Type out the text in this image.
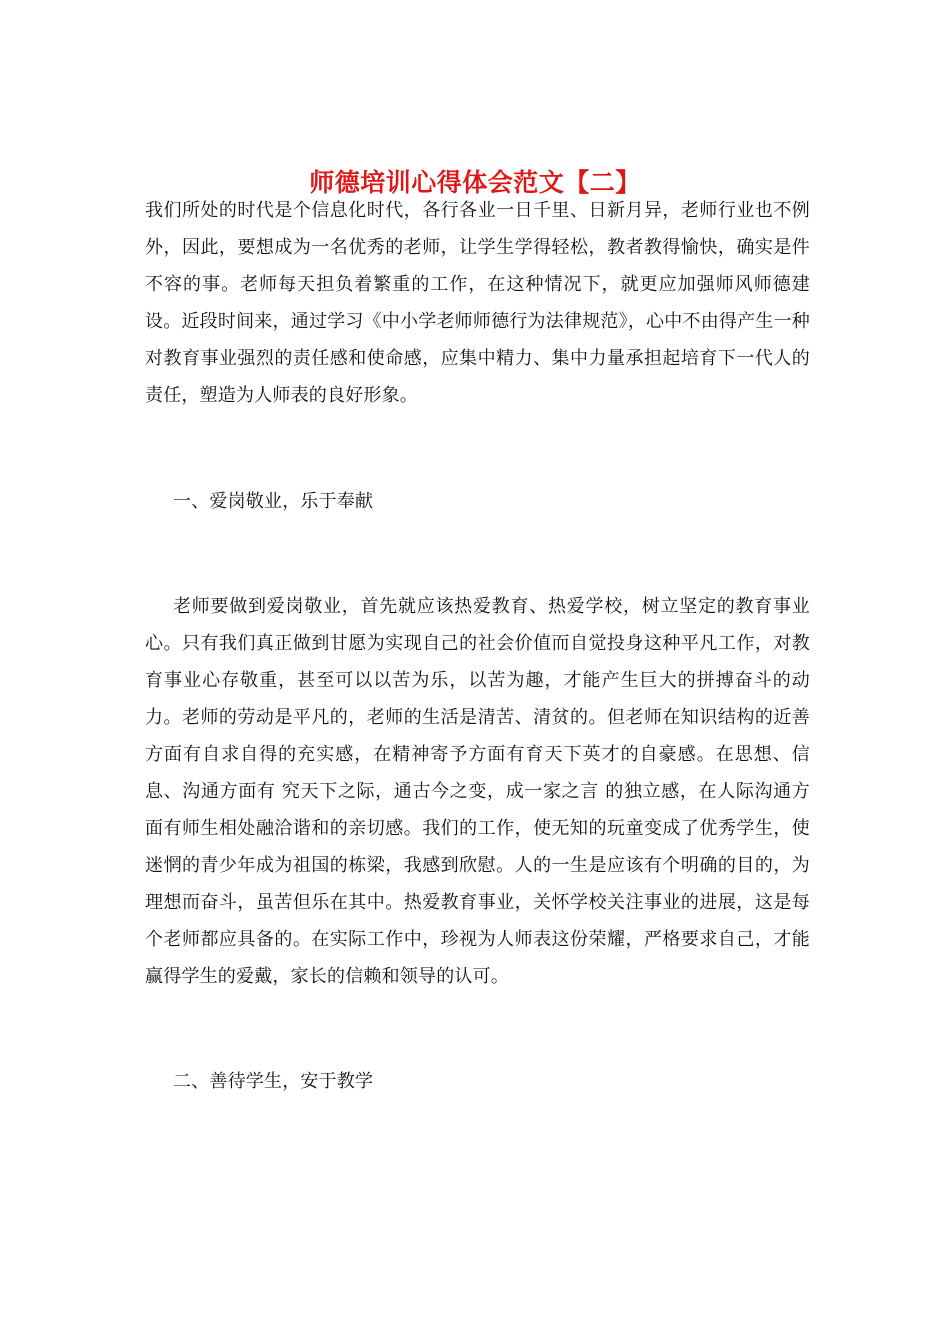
师德培训心得体会范文【二】

我们所处的时代是个信息化时代，各行各业一日千里、日新月异，老师行业也不例外，因此，要想成为一名优秀的老师，让学生学得轻松，教者教得愉快，确实是件不容的事。老师每天担负着繁重的工作，在这种情况下，就更应加强师风师德建设。近段时间来，通过学习《中小学老师师德行为法律规范》，心中不由得产生一种对教育事业强烈的责任感和使命感，应集中精力、集中力量承担起培育下一代人的责任，塑造为人师表的良好形象。

一、爱岗敬业，乐于奉献

老师要做到爱岗敬业，首先就应该热爱教育、热爱学校，树立坚定的教育事业心。只有我们真正做到甘愿为实现自己的社会价值而自觉投身这种平凡工作，对教育事业心存敬重，甚至可以以苦为乐，以苦为趣，才能产生巨大的拼搏奋斗的动力。老师的劳动是平凡的，老师的生活是清苦、清贫的。但老师在知识结构的近善方面有自求自得的充实感，在精神寄予方面有育天下英才的自豪感。在思想、信息、沟通方面有 究天下之际，通古今之变，成一家之言 的独立感，在人际沟通方面有师生相处融洽谐和的亲切感。我们的工作，使无知的玩童变成了优秀学生，使迷惘的青少年成为祖国的栋梁，我感到欣慰。人的一生是应该有个明确的目的，为理想而奋斗，虽苦但乐在其中。热爱教育事业，关怀学校关注事业的进展，这是每个老师都应具备的。在实际工作中，珍视为人师表这份荣耀，严格要求自己，才能赢得学生的爱戴，家长的信赖和领导的认可。

二、善待学生，安于教学
